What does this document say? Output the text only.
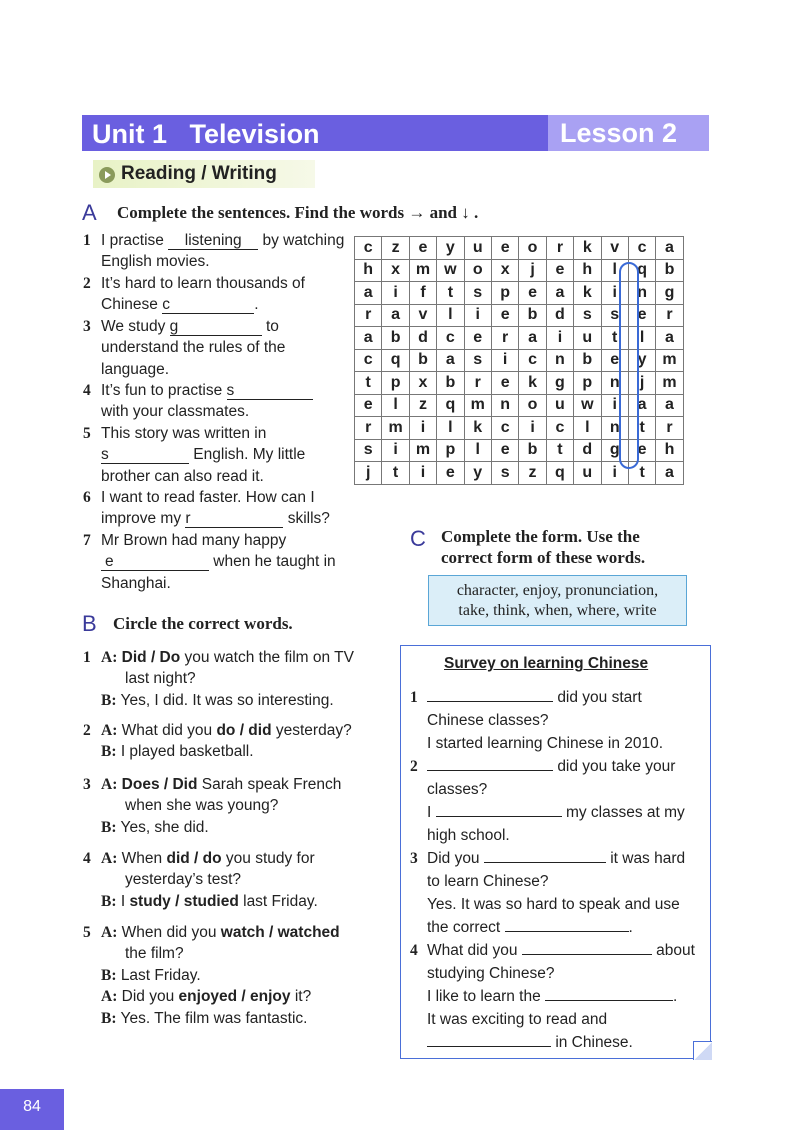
Unit 1   Television	Lesson 2
Reading / Writing
A Complete the sentences. Find the words → and ↓ .
1 I practise listening by watching English movies.
2 It’s hard to learn thousands of Chinese c	.
3 We study g	to understand the rules of the language.
4 It’s fun to practise s with your classmates.
5 This story was written in s	English. My little brother can also read it.
6 I want to read faster. How can I improve my r	skills?
7 Mr Brown had many happy e	when he taught in Shanghai.
c	z	e	y	u	e	o	r	k	v	c	a
h	x	m	w	o	x	j	e	h	l	q	b
a	i	f	t	s	p	e	a	k	i	n	g
r	a	v	l	i	e	b	d	s	s	e	r
a	b	d	c	e	r	a	i	u	t	l	a
c	q	b	a	s	i	c	n	b	e	y	m
t	p	x	b	r	e	k	g	p	n	j	m
e	l	z	q	m	n	o	u	w	i	a	a
r	m	i	l	k	c	i	c	l	n	t	r
s	i	m	p	l	e	b	t	d	g	e	h
j	t	i	e	y	s	z	q	u	i	t	a
B Circle the correct words.
1 A: Did / Do you watch the film on TV
last night?
B: Yes, I did. It was so interesting.
2 A: What did you do / did yesterday?
B: I played basketball.
3 A: Does / Did Sarah speak French
when she was young?
B: Yes, she did.
4 A: When did / do you study for
yesterday’s test?
B: I study / studied last Friday.
5 A: When did you watch / watched
the film?
B: Last Friday.
A: Did you enjoyed / enjoy it?
B: Yes. The film was fantastic.
C Complete the form. Use the
correct form of these words.
character, enjoy, pronunciation,
take, think, when, where, write
Survey on learning Chinese
1	did you start
Chinese classes?
I started learning Chinese in 2010.
2	did you take your
classes?
I	my classes at my
high school.
3 Did you	it was hard
to learn Chinese?
Yes. It was so hard to speak and use
the correct	.
4 What did you	about
studying Chinese?
I like to learn the	.
It was exciting to read and
in Chinese.
84
